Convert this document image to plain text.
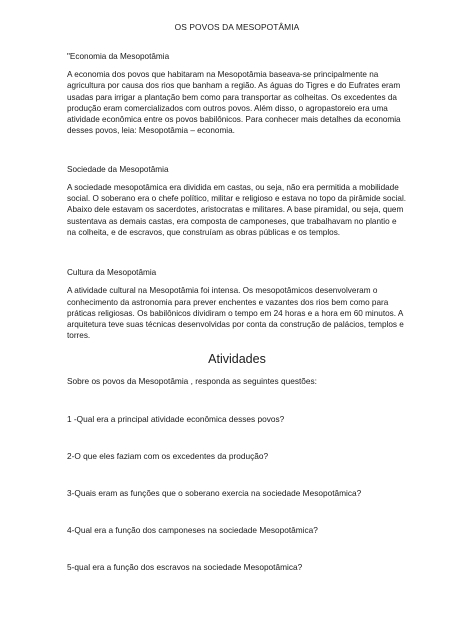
OS POVOS DA MESOPOTÂMIA
"Economia da Mesopotâmia

A economia dos povos que habitaram na Mesopotâmia baseava-se principalmente na agricultura por causa dos rios que banham a região. As águas do Tigres e do Eufrates eram usadas para irrigar a plantação bem como para transportar as colheitas. Os excedentes da produção eram comercializados com outros povos. Além disso, o agropastoreio era uma atividade econômica entre os povos babilônicos. Para conhecer mais detalhes da economia desses povos, leia: Mesopotâmia – economia.

Sociedade da Mesopotâmia

A sociedade mesopotâmica era dividida em castas, ou seja, não era permitida a mobilidade social. O soberano era o chefe político, militar e religioso e estava no topo da pirâmide social. Abaixo dele estavam os sacerdotes, aristocratas e militares. A base piramidal, ou seja, quem sustentava as demais castas, era composta de camponeses, que trabalhavam no plantio e na colheita, e de escravos, que construíam as obras públicas e os templos.

Cultura da Mesopotâmia

A atividade cultural na Mesopotâmia foi intensa. Os mesopotâmicos desenvolveram o conhecimento da astronomia para prever enchentes e vazantes dos rios bem como para práticas religiosas. Os babilônicos dividiram o tempo em 24 horas e a hora em 60 minutos. A arquitetura teve suas técnicas desenvolvidas por conta da construção de palácios, templos e torres.

Atividades
Sobre os povos da Mesopotâmia , responda as seguintes questões:
1 -Qual era a principal atividade econômica desses povos?
2-O que eles faziam com os excedentes da produção?
3-Quais eram as funções que o soberano exercia na sociedade Mesopotâmica?
4-Qual era a função dos camponeses na sociedade Mesopotâmica?
5-qual era a função dos escravos na sociedade Mesopotâmica?
